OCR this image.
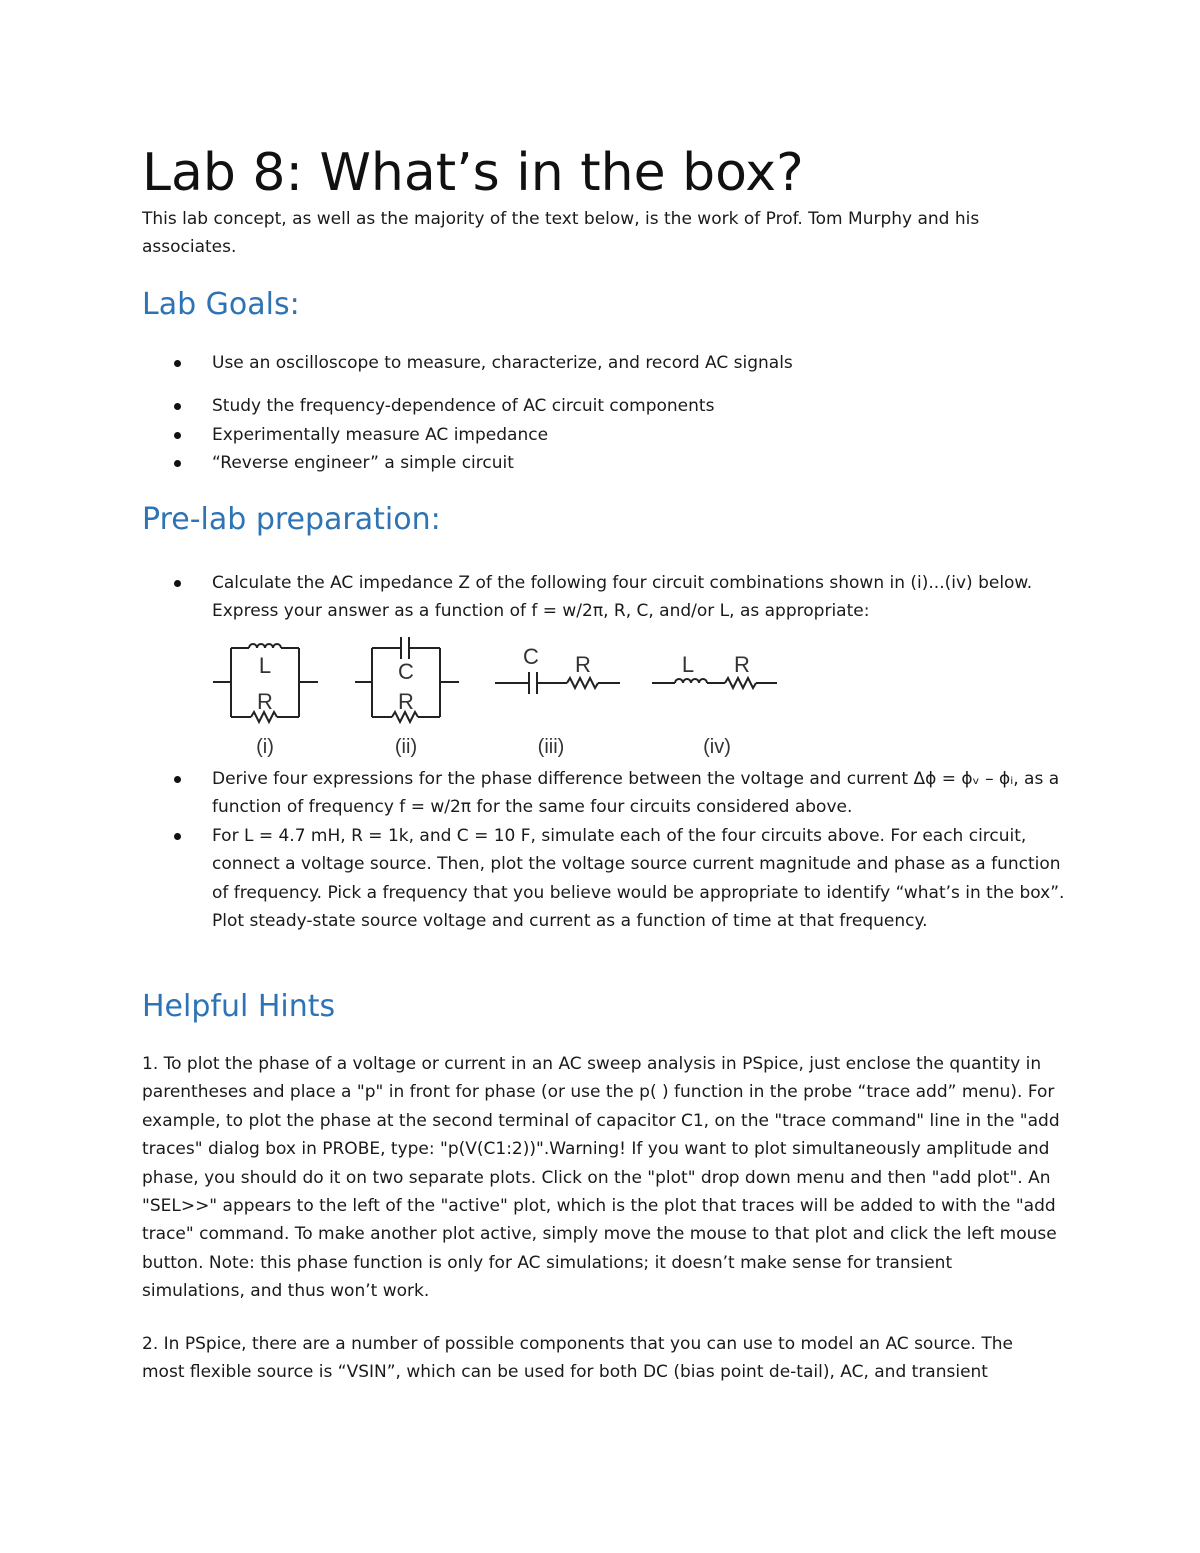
Lab 8: What’s in the box?

This lab concept, as well as the majority of the text below, is the work of Prof. Tom Murphy and his associates.

Lab Goals:
Use an oscilloscope to measure, characterize, and record AC signals
Study the frequency-dependence of AC circuit components
Experimentally measure AC impedance
“Reverse engineer” a simple circuit
Pre-lab preparation:
Calculate the AC impedance Z of the following four circuit combinations shown in (i)...(iv) below. Express your answer as a function of f = w/2π, R, C, and/or L, as appropriate:
L
R
C
R
C R	L R
(i)	(ii)	(iii)	(iv)
Derive four expressions for the phase difference between the voltage and current Δϕ = ϕᵥ – ϕᵢ, as a function of frequency f = w/2π for the same four circuits considered above.
For L = 4.7 mH, R = 1k, and C = 10 F, simulate each of the four circuits above. For each circuit, connect a voltage source. Then, plot the voltage source current magnitude and phase as a function of frequency. Pick a frequency that you believe would be appropriate to identify “what’s in the box”. Plot steady-state source voltage and current as a function of time at that frequency.
Helpful Hints

1. To plot the phase of a voltage or current in an AC sweep analysis in PSpice, just enclose the quantity in parentheses and place a "p" in front for phase (or use the p( ) function in the probe “trace add” menu). For example, to plot the phase at the second terminal of capacitor C1, on the "trace command" line in the "add traces" dialog box in PROBE, type: "p(V(C1:2))".Warning! If you want to plot simultaneously amplitude and phase, you should do it on two separate plots. Click on the "plot" drop down menu and then "add plot". An "SEL>>" appears to the left of the "active" plot, which is the plot that traces will be added to with the "add trace" command. To make another plot active, simply move the mouse to that plot and click the left mouse button. Note: this phase function is only for AC simulations; it doesn’t make sense for transient simulations, and thus won’t work.

2. In PSpice, there are a number of possible components that you can use to model an AC source. The most flexible source is “VSIN”, which can be used for both DC (bias point de-tail), AC, and transient
